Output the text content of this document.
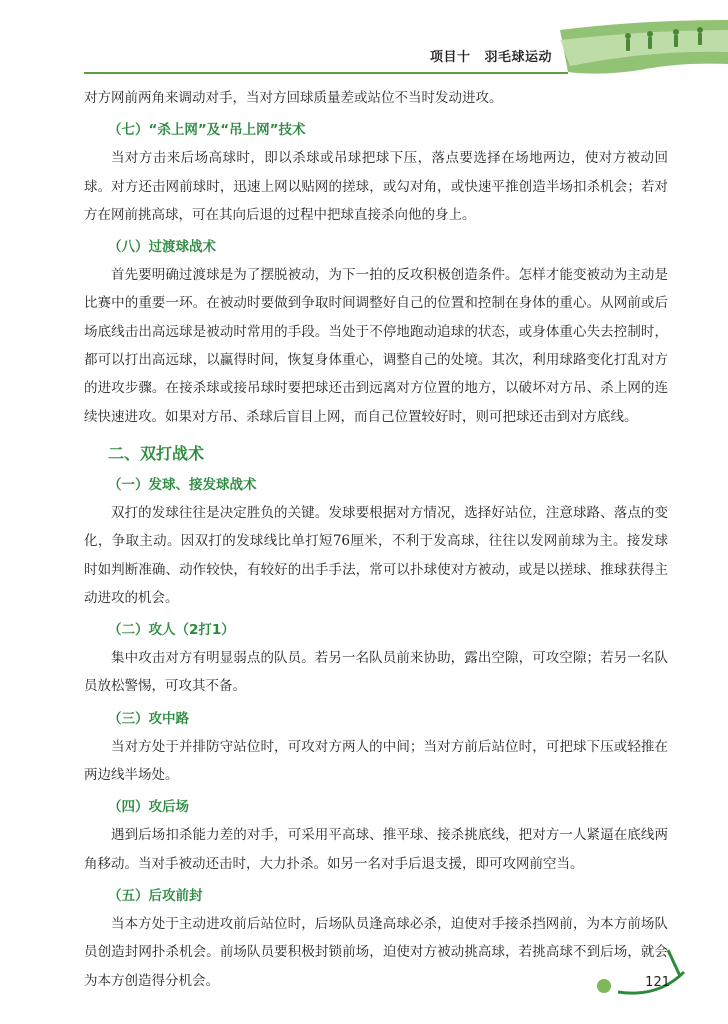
项目十 羽毛球运动

对方网前两角来调动对手，当对方回球质量差或站位不当时发动进攻。

（七）“杀上网”及“吊上网”技术

当对方击来后场高球时，即以杀球或吊球把球下压，落点要选择在场地两边，使对方被动回球。对方还击网前球时，迅速上网以贴网的搓球，或勾对角，或快速平推创造半场扣杀机会；若对方在网前挑高球，可在其向后退的过程中把球直接杀向他的身上。

（八）过渡球战术

首先要明确过渡球是为了摆脱被动，为下一拍的反攻积极创造条件。怎样才能变被动为主动是比赛中的重要一环。在被动时要做到争取时间调整好自己的位置和控制在身体的重心。从网前或后场底线击出高远球是被动时常用的手段。当处于不停地跑动追球的状态，或身体重心失去控制时，都可以打出高远球，以赢得时间，恢复身体重心，调整自己的处境。其次，利用球路变化打乱对方的进攻步骤。在接杀球或接吊球时要把球还击到远离对方位置的地方，以破坏对方吊、杀上网的连续快速进攻。如果对方吊、杀球后盲目上网，而自己位置较好时，则可把球还击到对方底线。

二、双打战术
（一）发球、接发球战术

双打的发球往往是决定胜负的关键。发球要根据对方情况，选择好站位，注意球路、落点的变化，争取主动。因双打的发球线比单打短76厘米，不利于发高球，往往以发网前球为主。接发球时如判断准确、动作较快，有较好的出手手法，常可以扑球使对方被动，或是以搓球、推球获得主动进攻的机会。

（二）攻人（2打1）

集中攻击对方有明显弱点的队员。若另一名队员前来协助，露出空隙，可攻空隙；若另一名队员放松警惕，可攻其不备。

（三）攻中路

当对方处于并排防守站位时，可攻对方两人的中间；当对方前后站位时，可把球下压或轻推在两边线半场处。

（四）攻后场

遇到后场扣杀能力差的对手，可采用平高球、推平球、接杀挑底线，把对方一人紧逼在底线两角移动。当对手被动还击时，大力扑杀。如另一名对手后退支援，即可攻网前空当。

（五）后攻前封

当本方处于主动进攻前后站位时，后场队员逢高球必杀，迫使对手接杀挡网前，为本方前场队员创造封网扑杀机会。前场队员要积极封锁前场，迫使对方被动挑高球，若挑高球不到后场，就会为本方创造得分机会。	121
